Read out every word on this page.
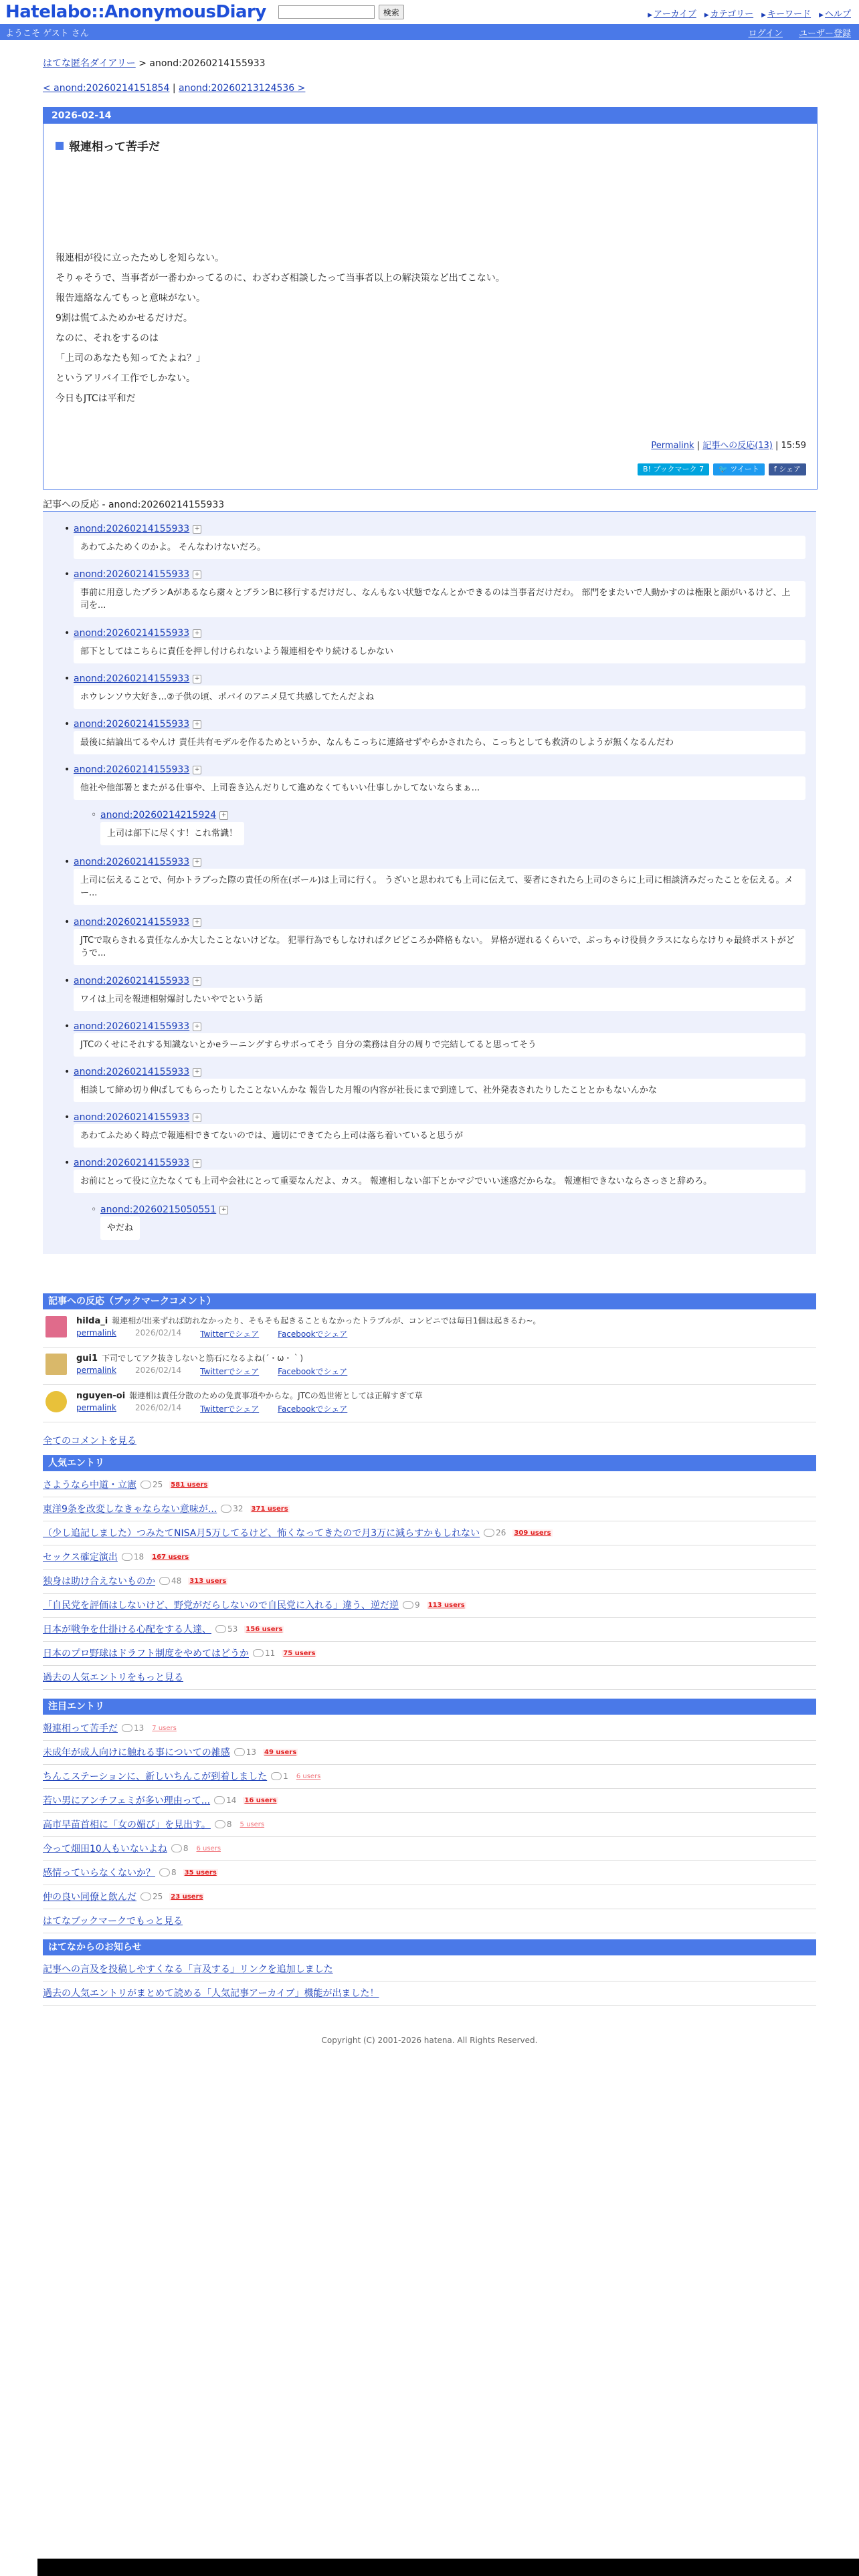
Hatelabo::AnonymousDiary	検索	▶ アーカイブ ▶ カテゴリー ▶ キーワード ▶ ヘルプ
ようこそ ゲスト さん	ログイン ユーザー登録
はてな匿名ダイアリー > anond:20260214155933
< anond:20260214151854 | anond:20260213124536 >
2026-02-14
報連相って苦手だ

報連相が役に立ったためしを知らない。

そりゃそうで、当事者が一番わかってるのに、わざわざ相談したって当事者以上の解決策など出てこない。

報告連絡なんてもっと意味がない。

9割は慌てふためかせるだけだ。

なのに、それをするのは

「上司のあなたも知ってたよね？」

というアリバイ工作でしかない。

今日もJTCは平和だ

Permalink | 記事への反応(13) | 15:59
B! ブックマーク 7	🐦 ツイート	f シェア
記事への反応 - anond:20260214155933
• anond:20260214155933 +
あわてふためくのかよ。 そんなわけないだろ。
• anond:20260214155933 +
事前に用意したプランAがあるなら粛々とプランBに移行するだけだし、なんもない状態でなんとかできるのは当事者だけだわ。 部門をまたいで人動かすのは権限と顔がいるけど、上司を...
• anond:20260214155933 +
部下としてはこちらに責任を押し付けられないよう報連相をやり続けるしかない
• anond:20260214155933 +
ホウレンソウ大好き...②子供の頃、ポパイのアニメ見て共感してたんだよね
• anond:20260214155933 +
最後に結論出てるやんけ 責任共有モデルを作るためというか、なんもこっちに連絡せずやらかされたら、こっちとしても救済のしようが無くなるんだわ
• anond:20260214155933 +
他社や他部署とまたがる仕事や、上司巻き込んだりして進めなくてもいい仕事しかしてないならまぁ...
◦ anond:20260214215924 +
上司は部下に尽くす！これ常識！
• anond:20260214155933 +
上司に伝えることで、何かトラブった際の責任の所在(ボール)は上司に行く。 うざいと思われても上司に伝えて、要者にされたら上司のさらに上司に相談済みだったことを伝える。メー...
• anond:20260214155933 +
JTCで取らされる責任なんか大したことないけどな。 犯罪行為でもしなければクビどころか降格もない。 昇格が遅れるくらいで、ぶっちゃけ役員クラスにならなけりゃ最終ポストがどうで...
• anond:20260214155933 +
ワイは上司を報連相射爆討したいやでという話
• anond:20260214155933 +
JTCのくせにそれする知識ないとかeラーニングすらサボってそう 自分の業務は自分の周りで完結してると思ってそう
• anond:20260214155933 +
相談して締め切り伸ばしてもらったりしたことないんかな 報告した月報の内容が社長にまで到達して、社外発表されたりしたこととかもないんかな
• anond:20260214155933 +
あわてふためく時点で報連相できてないのでは、適切にできてたら上司は落ち着いていると思うが
• anond:20260214155933 +
お前にとって役に立たなくても上司や会社にとって重要なんだよ、カス。 報連相しない部下とかマジでいい迷惑だからな。 報連相できないならさっさと辞めろ。
◦ anond:20260215050551 +
やだね
記事への反応（ブックマークコメント）
hilda_i 報連相が出来ずれば防れなかったり、そもそも起きることもなかったトラブルが、コンビニでは毎日1個は起きるわ~。
permalink 2026/02/14 Twitterでシェア Facebookでシェア
gui1 下司でしてアク抜きしないと筋石になるよね(´・ω・｀)
permalink 2026/02/14 Twitterでシェア Facebookでシェア
nguyen-oi 報連相は責任分散のための免責事項やからな。JTCの処世術としては正解すぎて草
permalink 2026/02/14 Twitterでシェア Facebookでシェア
全てのコメントを見る
人気エントリ
さようなら中道・立憲 25 581 users
東洋9条を改変しなきゃならない意味が... 32 371 users
（少し追記しました）つみたてNISA月5万してるけど、怖くなってきたので月3万に減らすかもしれない 26 309 users
セックス確定演出 18 167 users
独身は助け合えないものか 48 313 users
「自民党を評価はしないけど、野党がだらしないので自民党に入れる」違う、逆だ逆 9 113 users
日本が戦争を仕掛ける心配をする人達、 53 156 users
日本のプロ野球はドラフト制度をやめてはどうか 11 75 users
過去の人気エントリをもっと見る
注目エントリ
報連相って苦手だ 13 7 users
未成年が成人向けに触れる事についての雑感 13 49 users
ちんこステーションに、新しいちんこが到着しました 1 6 users
若い男にアンチフェミが多い理由って... 14 16 users
高市早苗首相に「女の媚び」を見出す。 8 5 users
今って畑田10人もいないよね 8 6 users
感情っていらなくないか？ 8 35 users
仲の良い同僚と飲んだ 25 23 users
はてなブックマークでもっと見る
はてなからのお知らせ
記事への言及を投稿しやすくなる「言及する」リンクを追加しました
過去の人気エントリがまとめて読める「人気記事アーカイブ」機能が出ました！
Copyright (C) 2001-2026 hatena. All Rights Reserved.
